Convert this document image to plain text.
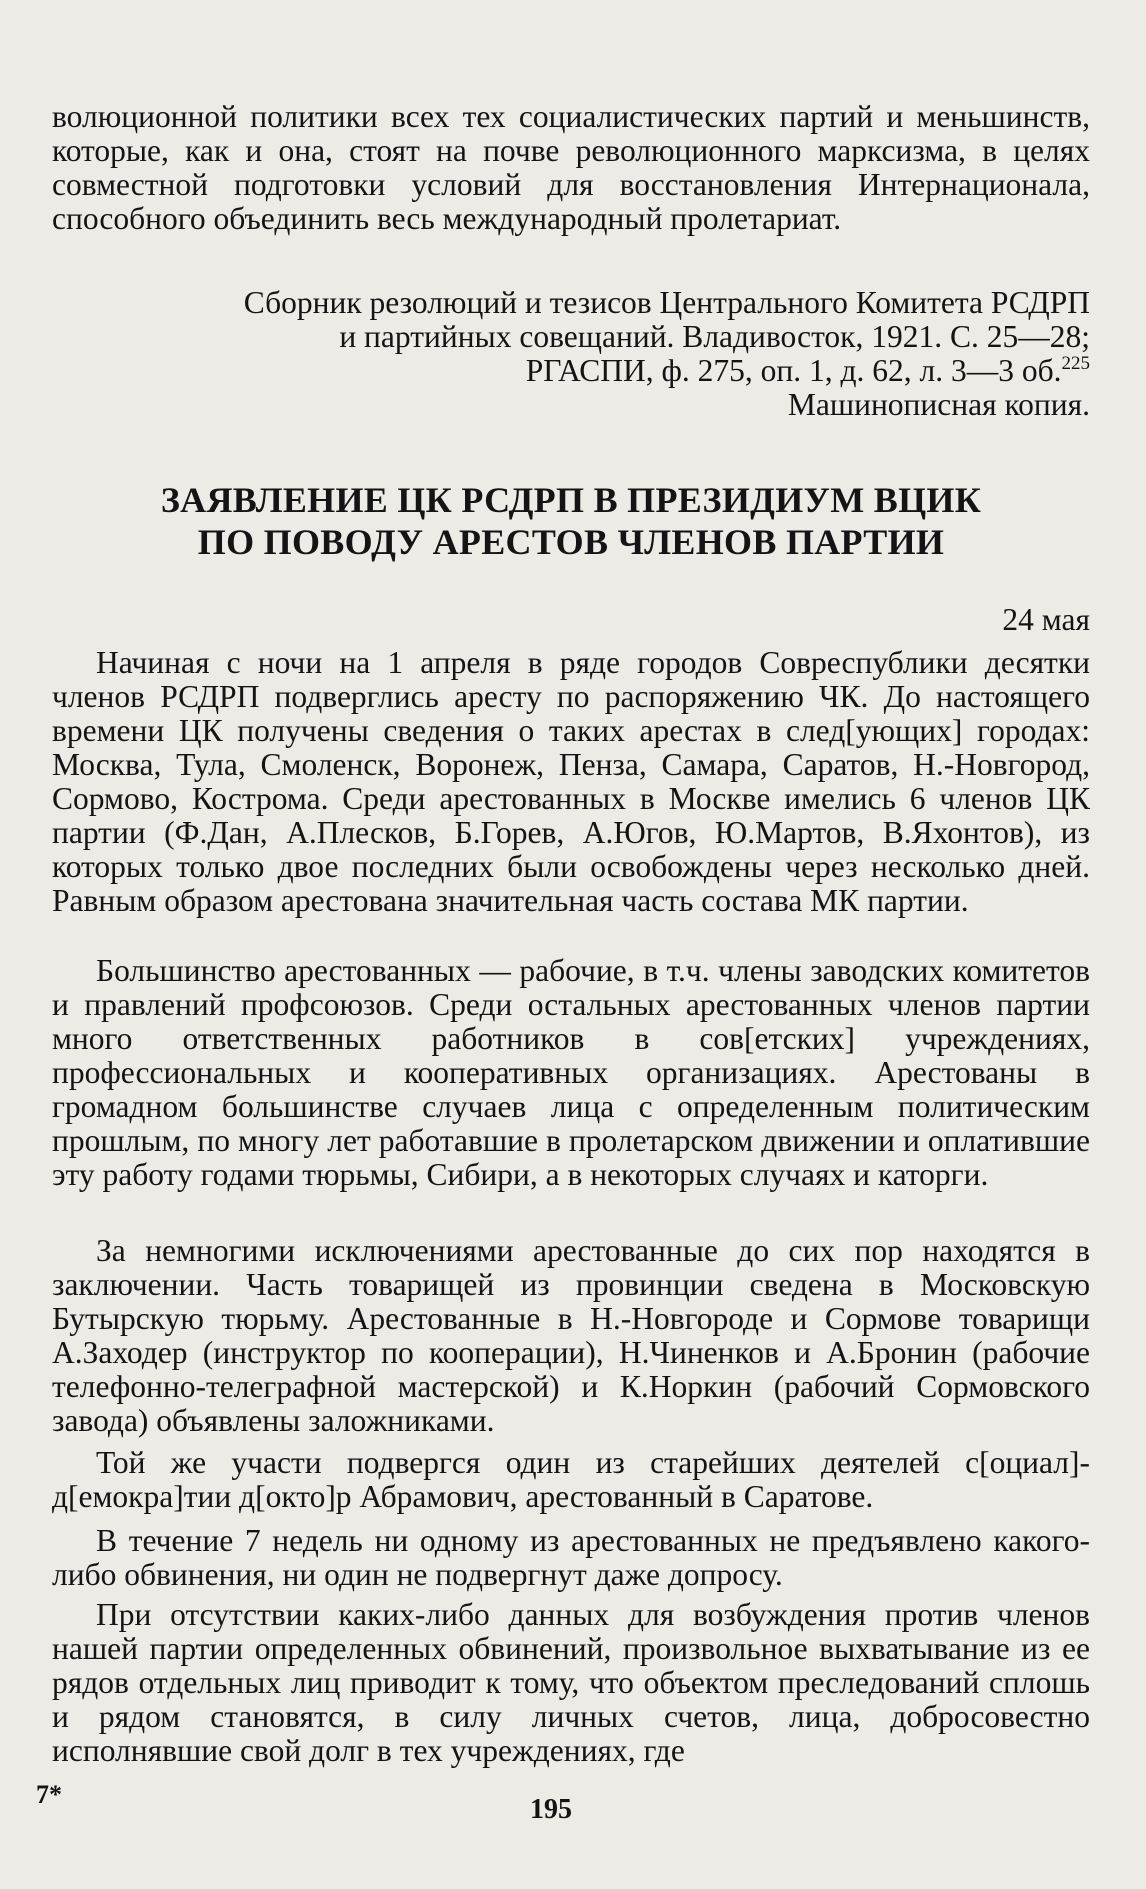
волюционной политики всех тех социалистических партий и меньшинств, которые, как и она, стоят на почве революционного марксизма, в целях совместной подготовки условий для восстановления Интернационала, способного объединить весь международный пролетариат.

Сборник резолюций и тезисов Центрального Комитета РСДРП

и партийных совещаний. Владивосток, 1921. С. 25—28;

РГАСПИ, ф. 275, оп. 1, д. 62, л. 3—3 об.$^{225}$

Машинописная копия.

ЗАЯВЛЕНИЕ ЦК РСДРП В ПРЕЗИДИУМ ВЦИК
ПО ПОВОДУ АРЕСТОВ ЧЛЕНОВ ПАРТИИ

24 мая

Начиная с ночи на 1 апреля в ряде городов Совреспублики десятки членов РСДРП подверглись аресту по распоряжению ЧК. До настоящего времени ЦК получены сведения о таких арестах в след[ующих] городах: Москва, Тула, Смоленск, Воронеж, Пенза, Самара, Саратов, Н.-Новгород, Сормово, Кострома. Среди арестованных в Москве имелись 6 членов ЦК партии (Ф.Дан, А.Плесков, Б.Горев, А.Югов, Ю.Мартов, В.Яхонтов), из которых только двое последних были освобождены через несколько дней. Равным образом арестована значительная часть состава МК партии.

Большинство арестованных — рабочие, в т.ч. члены заводских комитетов и правлений профсоюзов. Среди остальных арестованных членов партии много ответственных работников в сов[етских] учреждениях, профессиональных и кооперативных организациях. Арестованы в громадном большинстве случаев лица с определенным политическим прошлым, по многу лет работавшие в пролетарском движении и оплатившие эту работу годами тюрьмы, Сибири, а в некоторых случаях и каторги.

За немногими исключениями арестованные до сих пор находятся в заключении. Часть товарищей из провинции сведена в Московскую Бутырскую тюрьму. Арестованные в Н.-Новгороде и Сормове товарищи А.Заходер (инструктор по кооперации), Н.Чиненков и А.Бронин (рабочие телефонно-телеграфной мастерской) и К.Норкин (рабочий Сормовского завода) объявлены заложниками.

Той же участи подвергся один из старейших деятелей с[оциал]-д[емокра]тии д[окто]р Абрамович, арестованный в Саратове.

В течение 7 недель ни одному из арестованных не предъявлено какого-либо обвинения, ни один не подвергнут даже допросу.

При отсутствии каких-либо данных для возбуждения против членов нашей партии определенных обвинений, произвольное выхватывание из ее рядов отдельных лиц приводит к тому, что объектом преследований сплошь и рядом становятся, в силу личных счетов, лица, добросовестно исполнявшие свой долг в тех учреждениях, где

7*	195
